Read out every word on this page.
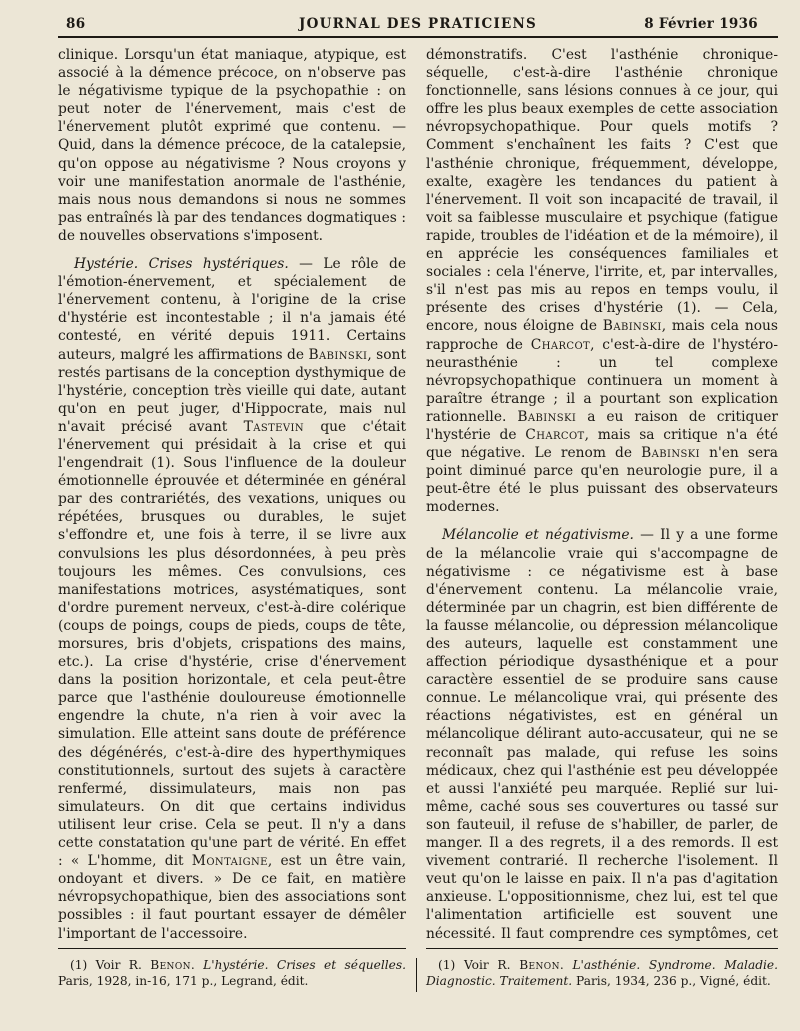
86	JOURNAL DES PRATICIENS	8 Février 1936

clinique. Lorsqu'un état maniaque, atypique, est associé à la démence précoce, on n'observe pas le négativisme typique de la psychopathie : on peut noter de l'énervement, mais c'est de l'énervement plutôt exprimé que contenu. — Quid, dans la démence précoce, de la catalepsie, qu'on oppose au négativisme ? Nous croyons y voir une manifestation anormale de l'asthénie, mais nous nous demandons si nous ne sommes pas entraînés là par des tendances dogmatiques : de nouvelles observations s'imposent.

Hystérie. Crises hystériques. — Le rôle de l'émotion-énervement, et spécialement de l'énervement contenu, à l'origine de la crise d'hystérie est incontestable ; il n'a jamais été contesté, en vérité depuis 1911. Certains auteurs, malgré les affirmations de Babinski, sont restés partisans de la conception dysthymique de l'hystérie, conception très vieille qui date, autant qu'on en peut juger, d'Hippocrate, mais nul n'avait précisé avant Tastevin que c'était l'énervement qui présidait à la crise et qui l'engendrait (1). Sous l'influence de la douleur émotionnelle éprouvée et déterminée en général par des contrariétés, des vexations, uniques ou répétées, brusques ou durables, le sujet s'effondre et, une fois à terre, il se livre aux convulsions les plus désordonnées, à peu près toujours les mêmes. Ces convulsions, ces manifestations motrices, asystématiques, sont d'ordre purement nerveux, c'est-à-dire colérique (coups de poings, coups de pieds, coups de tête, morsures, bris d'objets, crispations des mains, etc.). La crise d'hystérie, crise d'énervement dans la position horizontale, et cela peut-être parce que l'asthénie douloureuse émotionnelle engendre la chute, n'a rien à voir avec la simulation. Elle atteint sans doute de préférence des dégénérés, c'est-à-dire des hyperthymiques constitutionnels, surtout des sujets à caractère renfermé, dissimulateurs, mais non pas simulateurs. On dit que certains individus utilisent leur crise. Cela se peut. Il n'y a dans cette constatation qu'une part de vérité. En effet : « L'homme, dit Montaigne, est un être vain, ondoyant et divers. » De ce fait, en matière névropsychopathique, bien des associations sont possibles : il faut pourtant essayer de démêler l'important de l'accessoire.

démonstratifs. C'est l'asthénie chronique-séquelle, c'est-à-dire l'asthénie chronique fonctionnelle, sans lésions connues à ce jour, qui offre les plus beaux exemples de cette association névropsychopathique. Pour quels motifs ? Comment s'enchaînent les faits ? C'est que l'asthénie chronique, fréquemment, développe, exalte, exagère les tendances du patient à l'énervement. Il voit son incapacité de travail, il voit sa faiblesse musculaire et psychique (fatigue rapide, troubles de l'idéation et de la mémoire), il en apprécie les conséquences familiales et sociales : cela l'énerve, l'irrite, et, par intervalles, s'il n'est pas mis au repos en temps voulu, il présente des crises d'hystérie (1). — Cela, encore, nous éloigne de Babinski, mais cela nous rapproche de Charcot, c'est-à-dire de l'hystéro-neurasthénie : un tel complexe névropsychopathique continuera un moment à paraître étrange ; il a pourtant son explication rationnelle. Babinski a eu raison de critiquer l'hystérie de Charcot, mais sa critique n'a été que négative. Le renom de Babinski n'en sera point diminué parce qu'en neurologie pure, il a peut-être été le plus puissant des observateurs modernes.

Mélancolie et négativisme. — Il y a une forme de la mélancolie vraie qui s'accompagne de négativisme : ce négativisme est à base d'énervement contenu. La mélancolie vraie, déterminée par un chagrin, est bien différente de la fausse mélancolie, ou dépression mélancolique des auteurs, laquelle est constamment une affection périodique dysasthénique et a pour caractère essentiel de se produire sans cause connue. Le mélancolique vrai, qui présente des réactions négativistes, est en général un mélancolique délirant auto-accusateur, qui ne se reconnaît pas malade, qui refuse les soins médicaux, chez qui l'asthénie est peu développée et aussi l'anxiété peu marquée. Replié sur lui-même, caché sous ses couvertures ou tassé sur son fauteuil, il refuse de s'habiller, de parler, de manger. Il a des regrets, il a des remords. Il est vivement contrarié. Il recherche l'isolement. Il veut qu'on le laisse en paix. Il n'a pas d'agitation anxieuse. L'oppositionnisme, chez lui, est tel que l'alimentation artificielle est souvent une nécessité. Il faut comprendre ces symptômes, cet

(1) Voir R. Benon. L'hystérie. Crises et séquelles. Paris, 1928, in-16, 171 p., Legrand, édit.

(1) Voir R. Benon. L'asthénie. Syndrome. Maladie. Diagnostic. Traitement. Paris, 1934, 236 p., Vigné, édit.
